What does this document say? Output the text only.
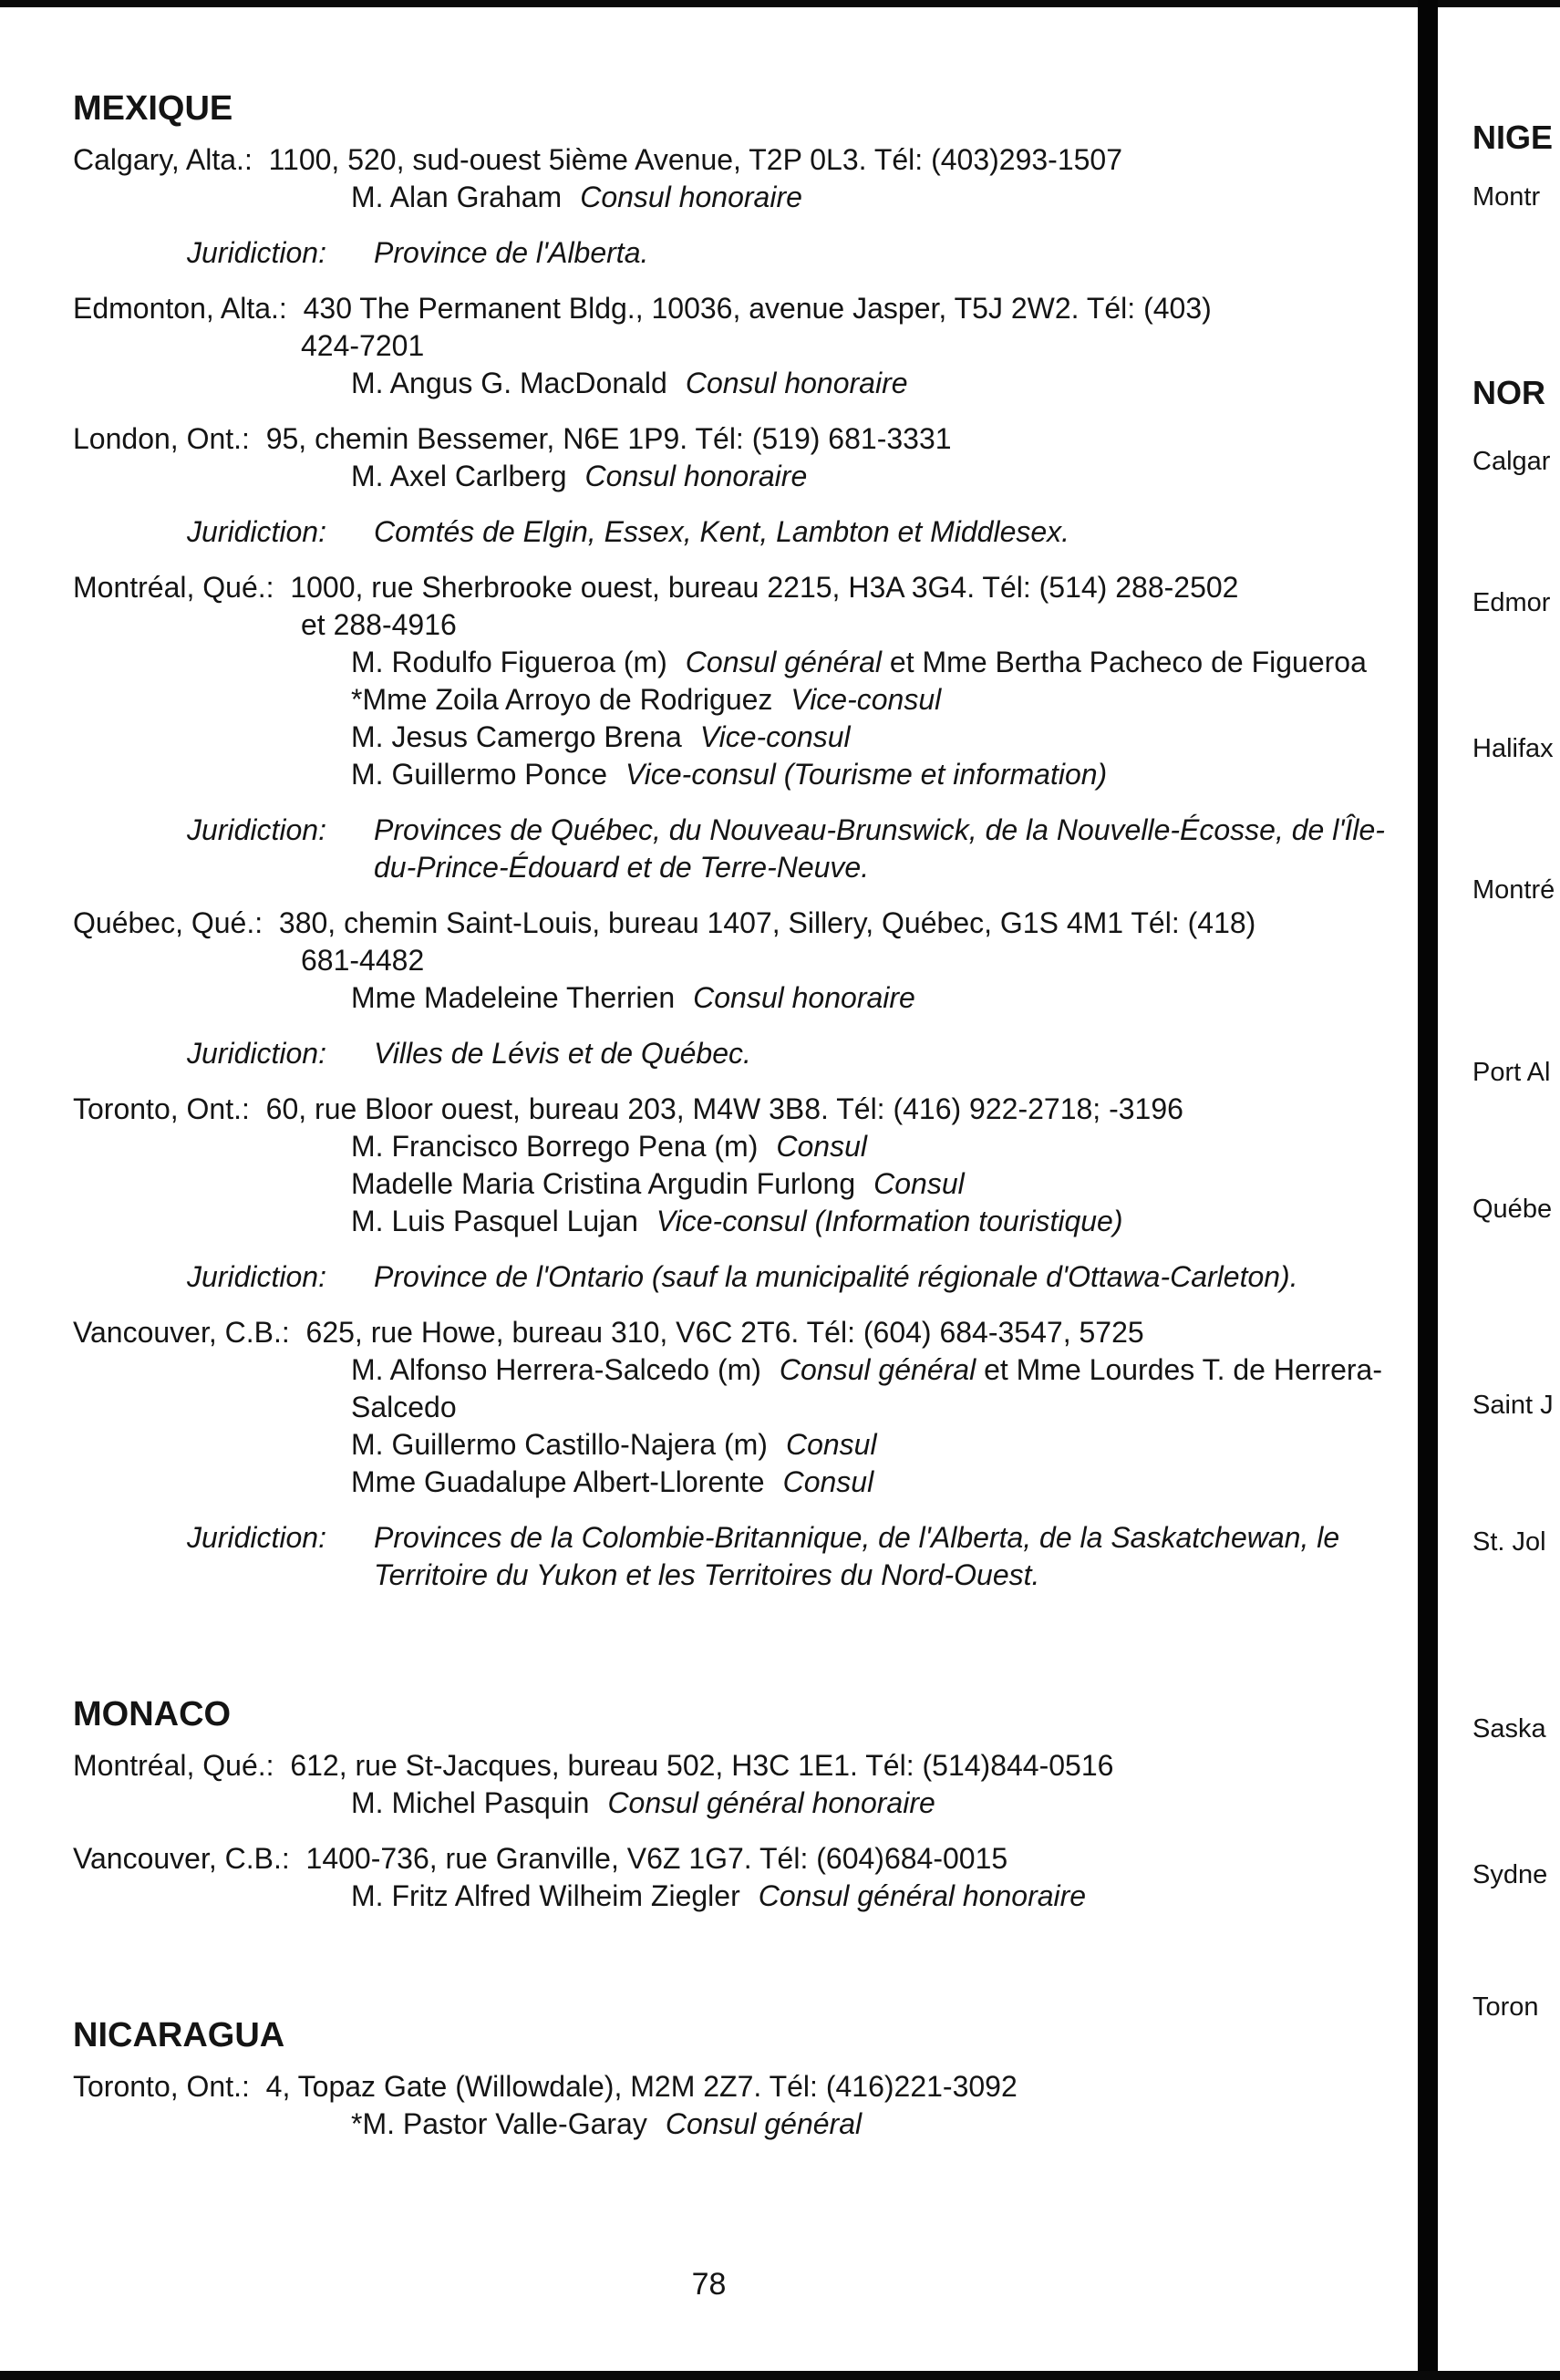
MEXIQUE
Calgary, Alta.: 1100, 520, sud-ouest 5ième Avenue, T2P 0L3. Tél: (403)293-1507
M. Alan Graham Consul honoraire
Juridiction: Province de l'Alberta.
Edmonton, Alta.: 430 The Permanent Bldg., 10036, avenue Jasper, T5J 2W2. Tél: (403)
424-7201
M. Angus G. MacDonald Consul honoraire
London, Ont.: 95, chemin Bessemer, N6E 1P9. Tél: (519) 681-3331
M. Axel Carlberg Consul honoraire
Juridiction: Comtés de Elgin, Essex, Kent, Lambton et Middlesex.
Montréal, Qué.: 1000, rue Sherbrooke ouest, bureau 2215, H3A 3G4. Tél: (514) 288-2502
et 288-4916
M. Rodulfo Figueroa (m) Consul général et Mme Bertha Pacheco de Figueroa
*Mme Zoila Arroyo de Rodriguez Vice-consul
M. Jesus Camergo Brena Vice-consul
M. Guillermo Ponce Vice-consul (Tourisme et information)
Juridiction: Provinces de Québec, du Nouveau-Brunswick, de la Nouvelle-Écosse, de l'Île-du-Prince-Édouard et de Terre-Neuve.
Québec, Qué.: 380, chemin Saint-Louis, bureau 1407, Sillery, Québec, G1S 4M1 Tél: (418)
681-4482
Mme Madeleine Therrien Consul honoraire
Juridiction: Villes de Lévis et de Québec.
Toronto, Ont.: 60, rue Bloor ouest, bureau 203, M4W 3B8. Tél: (416) 922-2718; -3196
M. Francisco Borrego Pena (m) Consul
Madelle Maria Cristina Argudin Furlong Consul
M. Luis Pasquel Lujan Vice-consul (Information touristique)
Juridiction: Province de l'Ontario (sauf la municipalité régionale d'Ottawa-Carleton).
Vancouver, C.B.: 625, rue Howe, bureau 310, V6C 2T6. Tél: (604) 684-3547, 5725
M. Alfonso Herrera-Salcedo (m) Consul général et Mme Lourdes T. de Herrera-Salcedo
M. Guillermo Castillo-Najera (m) Consul
Mme Guadalupe Albert-Llorente Consul
Juridiction: Provinces de la Colombie-Britannique, de l'Alberta, de la Saskatchewan, le Territoire du Yukon et les Territoires du Nord-Ouest.
MONACO
Montréal, Qué.: 612, rue St-Jacques, bureau 502, H3C 1E1. Tél: (514)844-0516
M. Michel Pasquin Consul général honoraire
Vancouver, C.B.: 1400-736, rue Granville, V6Z 1G7. Tél: (604)684-0015
M. Fritz Alfred Wilheim Ziegler Consul général honoraire
NICARAGUA
Toronto, Ont.: 4, Topaz Gate (Willowdale), M2M 2Z7. Tél: (416)221-3092
*M. Pastor Valle-Garay Consul général
78
NIGE
Montr
NOR
Calgar
Edmor
Halifax
Montré
Port Al
Québe
Saint J
St. Jol
Saska
Sydne
Toron
